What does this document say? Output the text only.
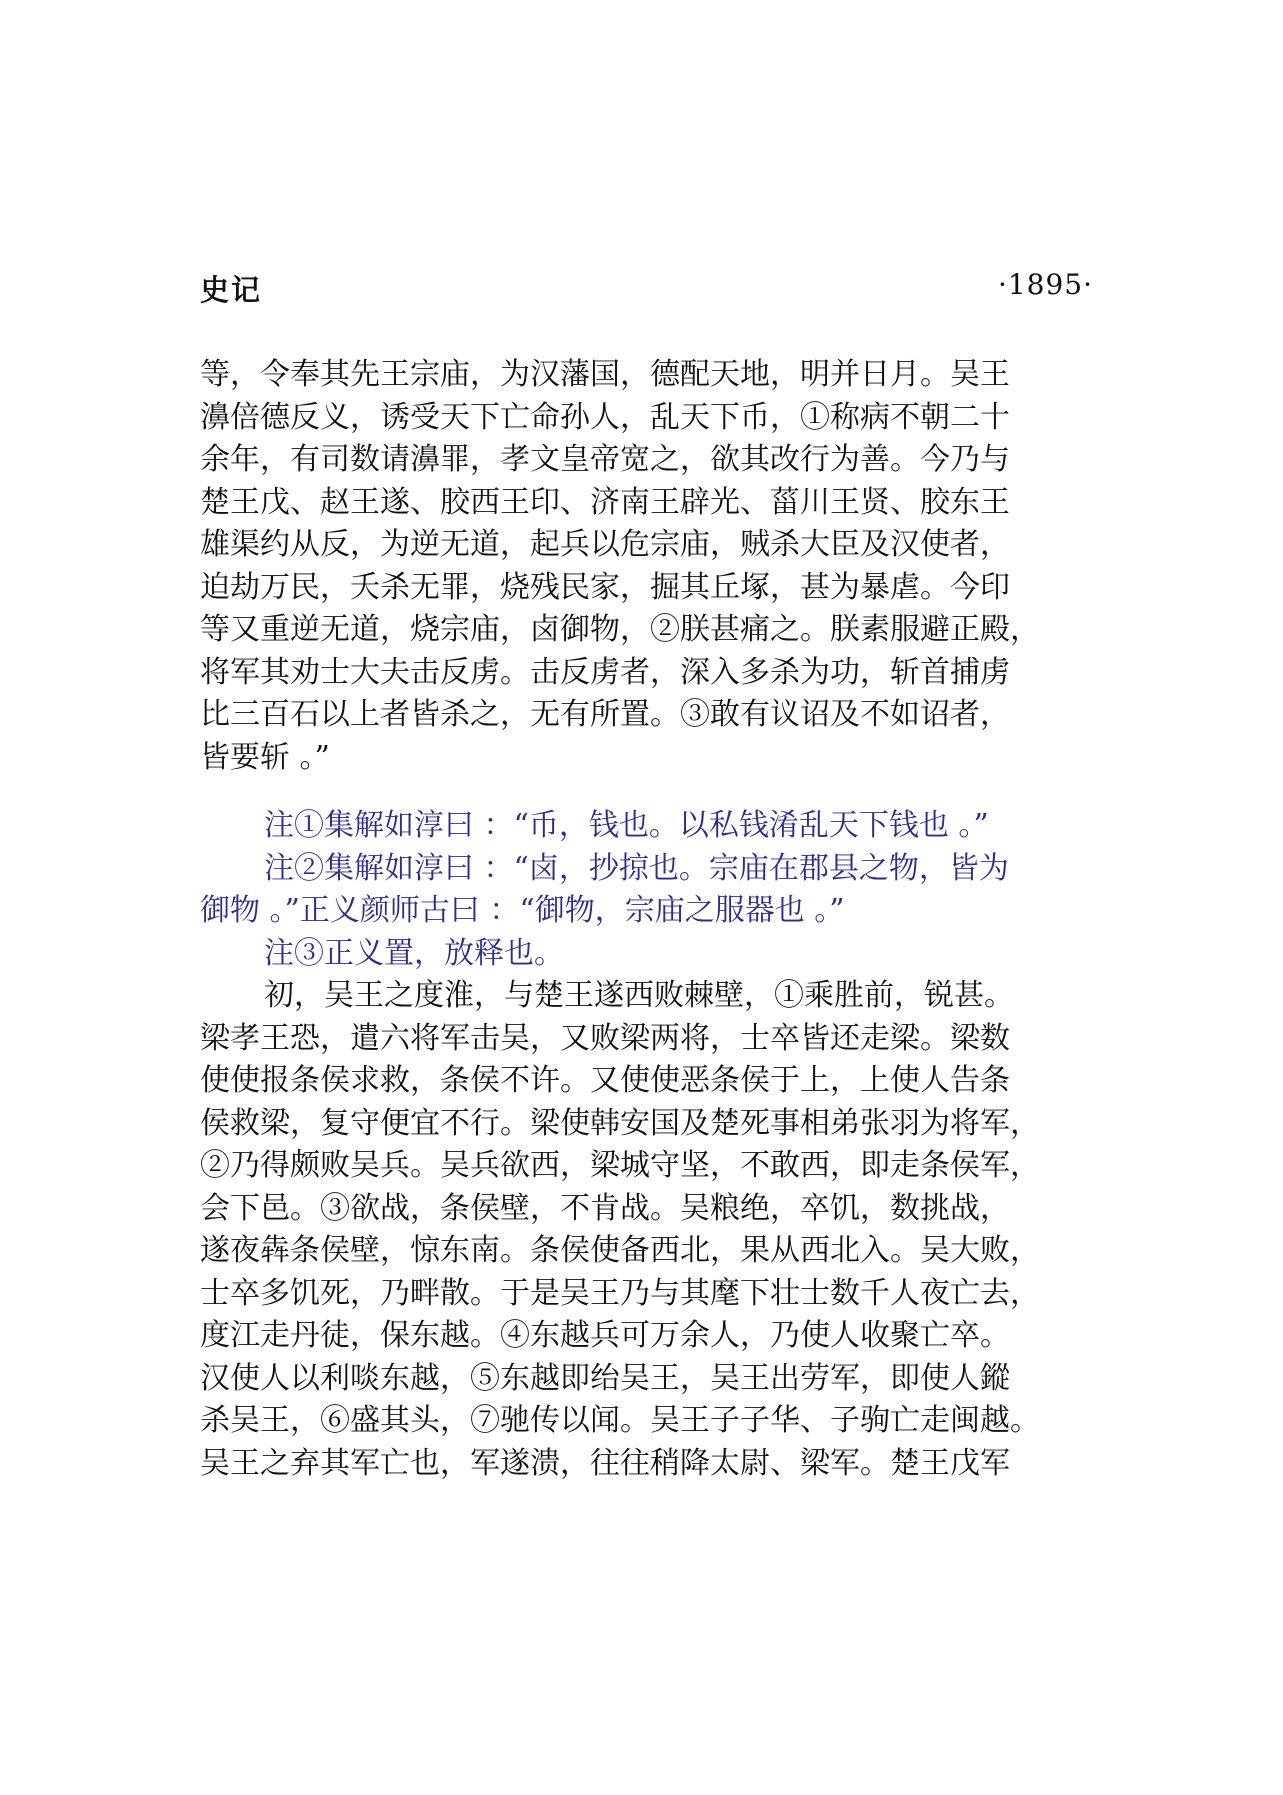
史记	·1895·
等，令奉其先王宗庙，为汉藩国，德配天地，明并日月。吴王
濞倍德反义，诱受天下亡命孙人，乱天下币，①称病不朝二十
余年，有司数请濞罪，孝文皇帝宽之，欲其改行为善。今乃与
楚王戊、赵王遂、胶西王印、济南王辟光、菑川王贤、胶东王
雄渠约从反，为逆无道，起兵以危宗庙，贼杀大臣及汉使者，
迫劫万民，夭杀无罪，烧残民家，掘其丘塚，甚为暴虐。今印
等又重逆无道，烧宗庙，卤御物，②朕甚痛之。朕素服避正殿，
将军其劝士大夫击反虏。击反虏者，深入多杀为功，斩首捕虏
比三百石以上者皆杀之，无有所置。③敢有议诏及不如诏者，
皆要斩 。”
注①集解如淳曰 ：“币，钱也。以私钱淆乱天下钱也 。”
注②集解如淳曰 ：“卤，抄掠也。宗庙在郡县之物，皆为
御物 。”正义颜师古曰 ：“御物，宗庙之服器也 。”
注③正义置，放释也。
初，吴王之度淮，与楚王遂西败棘壁，①乘胜前，锐甚。
梁孝王恐，遣六将军击吴，又败梁两将，士卒皆还走梁。梁数
使使报条侯求救，条侯不许。又使使恶条侯于上，上使人告条
侯救梁，复守便宜不行。梁使韩安国及楚死事相弟张羽为将军，
②乃得颇败吴兵。吴兵欲西，梁城守坚，不敢西，即走条侯军，
会下邑。③欲战，条侯壁，不肯战。吴粮绝，卒饥，数挑战，
遂夜犇条侯壁，惊东南。条侯使备西北，果从西北入。吴大败，
士卒多饥死，乃畔散。于是吴王乃与其麾下壮士数千人夜亡去，
度江走丹徒，保东越。④东越兵可万余人，乃使人收聚亡卒。
汉使人以利啖东越，⑤东越即绐吴王，吴王出劳军，即使人鏦
杀吴王，⑥盛其头，⑦驰传以闻。吴王子子华、子驹亡走闽越。
吴王之弃其军亡也，军遂溃，往往稍降太尉、梁军。楚王戊军
